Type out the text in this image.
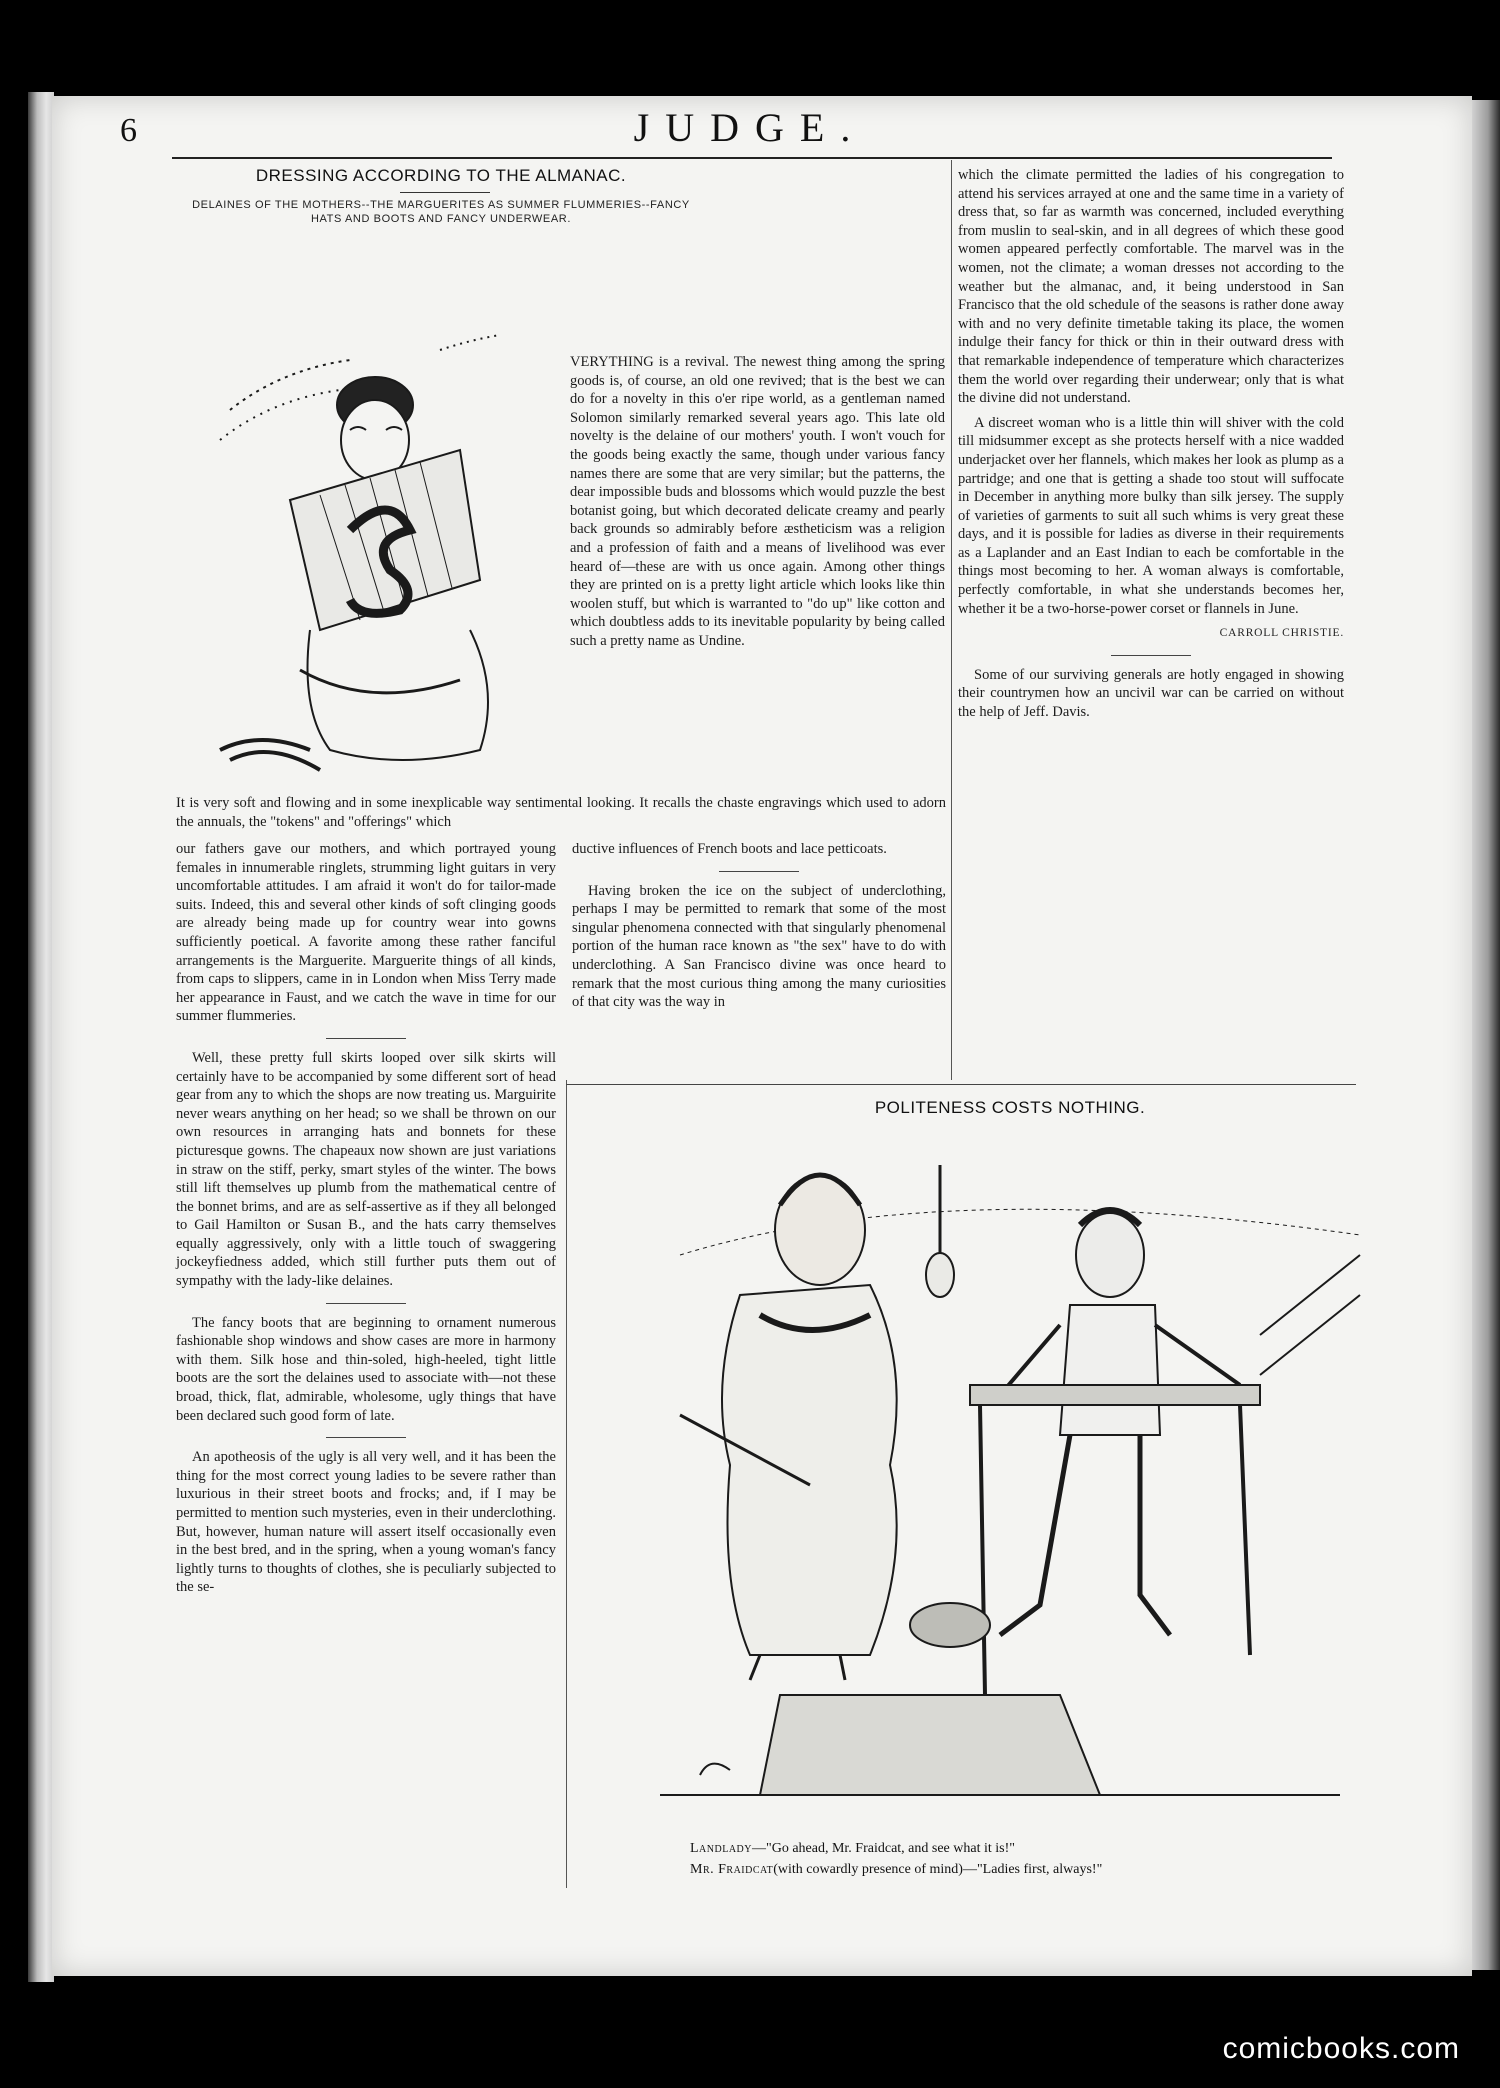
6	JUDGE.
DRESSING ACCORDING TO THE ALMANAC.
DELAINES OF THE MOTHERS--THE MARGUERITES AS SUMMER FLUMMERIES--FANCY HATS AND BOOTS AND FANCY UNDERWEAR.

VERYTHING is a revival. The newest thing among the spring goods is, of course, an old one revived; that is the best we can do for a novelty in this o'er ripe world, as a gentleman named Solomon similarly remarked several years ago. This late old novelty is the delaine of our mothers' youth. I won't vouch for the goods being exactly the same, though under various fancy names there are some that are very similar; but the patterns, the dear impossible buds and blossoms which would puzzle the best botanist going, but which decorated delicate creamy and pearly back grounds so admirably before æstheticism was a religion and a profession of faith and a means of livelihood was ever heard of—these are with us once again. Among other things they are printed on is a pretty light article which looks like thin woolen stuff, but which is warranted to "do up" like cotton and which doubtless adds to its inevitable popularity by being called such a pretty name as Undine.

It is very soft and flowing and in some inexplicable way sentimental looking. It recalls the chaste engravings which used to adorn the annuals, the "tokens" and "offerings" which

our fathers gave our mothers, and which portrayed young females in innumerable ringlets, strumming light guitars in very uncomfortable attitudes. I am afraid it won't do for tailor-made suits. Indeed, this and several other kinds of soft clinging goods are already being made up for country wear into gowns sufficiently poetical. A favorite among these rather fanciful arrangements is the Marguerite. Marguerite things of all kinds, from caps to slippers, came in in London when Miss Terry made her appearance in Faust, and we catch the wave in time for our summer flummeries.

Well, these pretty full skirts looped over silk skirts will certainly have to be accompanied by some different sort of head gear from any to which the shops are now treating us. Marguirite never wears anything on her head; so we shall be thrown on our own resources in arranging hats and bonnets for these picturesque gowns. The chapeaux now shown are just variations in straw on the stiff, perky, smart styles of the winter. The bows still lift themselves up plumb from the mathematical centre of the bonnet brims, and are as self-assertive as if they all belonged to Gail Hamilton or Susan B., and the hats carry themselves equally aggressively, only with a little touch of swaggering jockeyfiedness added, which still further puts them out of sympathy with the lady-like delaines.

The fancy boots that are beginning to ornament numerous fashionable shop windows and show cases are more in harmony with them. Silk hose and thin-soled, high-heeled, tight little boots are the sort the delaines used to associate with—not these broad, thick, flat, admirable, wholesome, ugly things that have been declared such good form of late.

An apotheosis of the ugly is all very well, and it has been the thing for the most correct young ladies to be severe rather than luxurious in their street boots and frocks; and, if I may be permitted to mention such mysteries, even in their underclothing. But, however, human nature will assert itself occasionally even in the best bred, and in the spring, when a young woman's fancy lightly turns to thoughts of clothes, she is peculiarly subjected to the se-

ductive influences of French boots and lace petticoats.

Having broken the ice on the subject of underclothing, perhaps I may be permitted to remark that some of the most singular phenomena connected with that singularly phenomenal portion of the human race known as "the sex" have to do with underclothing. A San Francisco divine was once heard to remark that the most curious thing among the many curiosities of that city was the way in

which the climate permitted the ladies of his congregation to attend his services arrayed at one and the same time in a variety of dress that, so far as warmth was concerned, included everything from muslin to seal-skin, and in all degrees of which these good women appeared perfectly comfortable. The marvel was in the women, not the climate; a woman dresses not according to the weather but the almanac, and, it being understood in San Francisco that the old schedule of the seasons is rather done away with and no very definite timetable taking its place, the women indulge their fancy for thick or thin in their outward dress with that remarkable independence of temperature which characterizes them the world over regarding their underwear; only that is what the divine did not understand.

A discreet woman who is a little thin will shiver with the cold till midsummer except as she protects herself with a nice wadded underjacket over her flannels, which makes her look as plump as a partridge; and one that is getting a shade too stout will suffocate in December in anything more bulky than silk jersey. The supply of varieties of garments to suit all such whims is very great these days, and it is possible for ladies as diverse in their requirements as a Laplander and an East Indian to each be comfortable in the things most becoming to her. A woman always is comfortable, perfectly comfortable, in what she understands becomes her, whether it be a two-horse-power corset or flannels in June.

CARROLL CHRISTIE.

Some of our surviving generals are hotly engaged in showing their countrymen how an uncivil war can be carried on without the help of Jeff. Davis.

POLITENESS COSTS NOTHING.
Landlady—"Go ahead, Mr. Fraidcat, and see what it is!"
Mr. Fraidcat(with cowardly presence of mind)—"Ladies first, always!"
comicbooks.com
